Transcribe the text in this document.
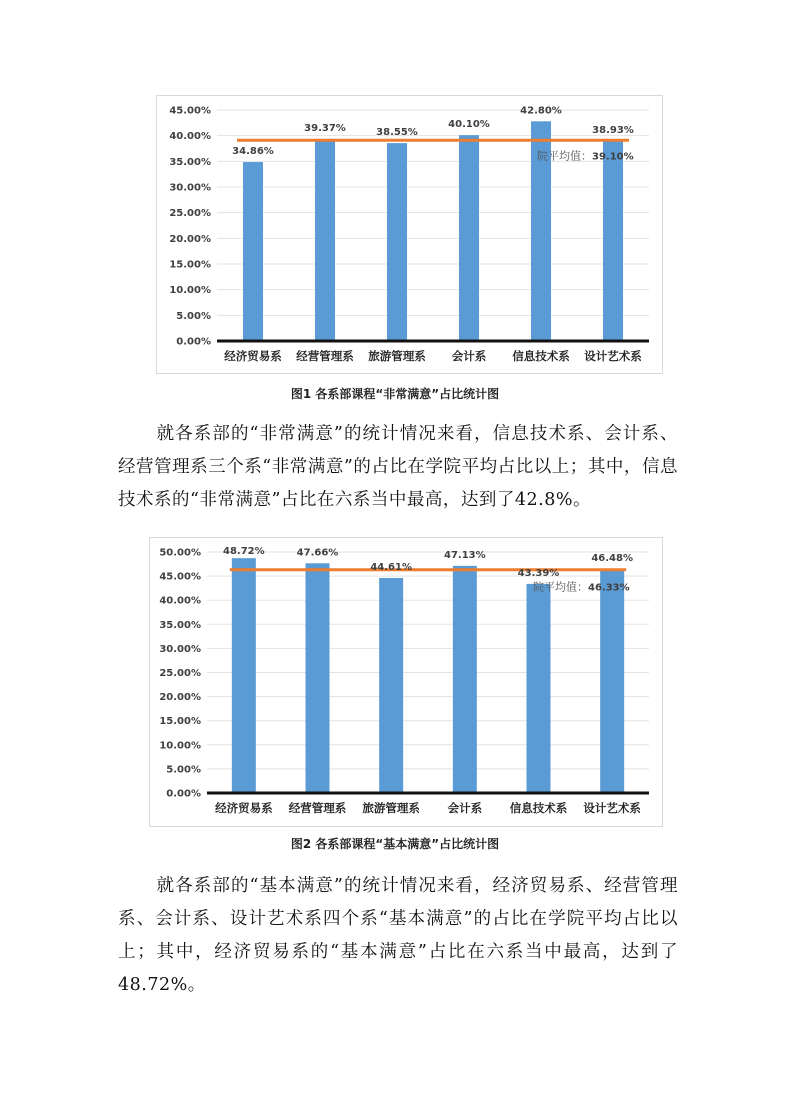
0.00%
5.00%
10.00%
15.00%
20.00%
25.00%
30.00%
35.00%
40.00%
45.00%
34.86%
39.37%	38.55%
40.10%
42.80%
38.93%
院平均值：39.10%
经济贸易系 经营管理系 旅游管理系 会计系 信息技术系 设计艺术系
图1 各系部课程“非常满意”占比统计图

就各系部的“非常满意”的统计情况来看，信息技术系、会计系、经营管理系三个系“非常满意”的占比在学院平均占比以上；其中，信息技术系的“非常满意”占比在六系当中最高，达到了42.8%。

0.00%
5.00%
10.00%
15.00%
20.00%
25.00%
30.00%
35.00%
40.00%
45.00%
50.00% 48.72%	47.66%
44.61%
47.13%
43.39%
46.48%
院平均值：46.33%
经济贸易系 经营管理系 旅游管理系 会计系 信息技术系 设计艺术系
图2 各系部课程“基本满意”占比统计图

就各系部的“基本满意”的统计情况来看，经济贸易系、经营管理系、会计系、设计艺术系四个系“基本满意”的占比在学院平均占比以上；其中，经济贸易系的“基本满意”占比在六系当中最高，达到了48.72%。
